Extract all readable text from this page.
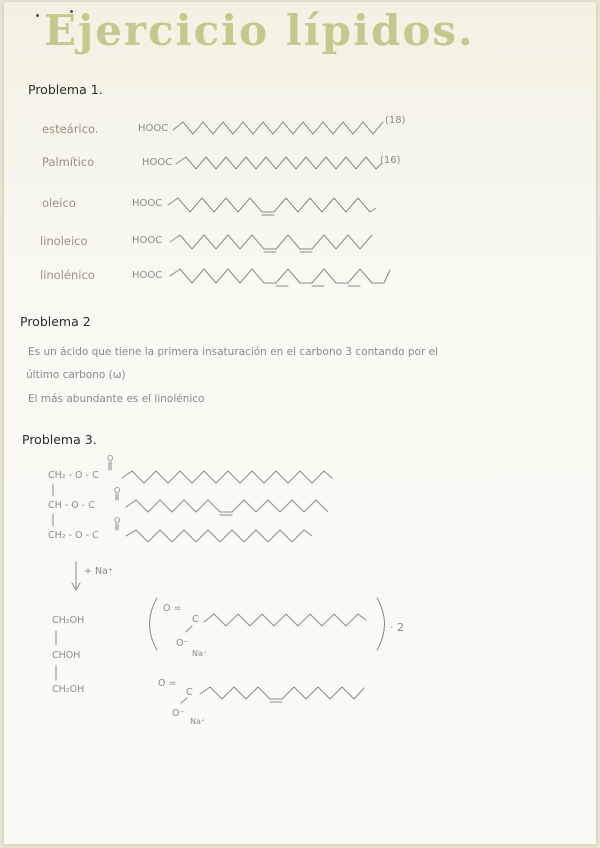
Ejercicio lípidos.
Problema 1.
esteárico.	HOOC
(18)
Palmítico	HOOC	(16)
oleico	HOOC
linoleico	HOOC
linolénico	HOOC
Problema 2
Es un ácido que tiene la primera insaturación en el carbono 3 contando por el
último carbono (ω)
El más abundante es el linolénico
Problema 3.
CH₂ - O - C
CH - O - C
CH₂ - O - C
O
O
O
+ Na⁺
CH₂OH
CHOH
CH₂OH
O =
C
O⁻
Na⁺
· 2
O =
C
O⁻
Na⁺
